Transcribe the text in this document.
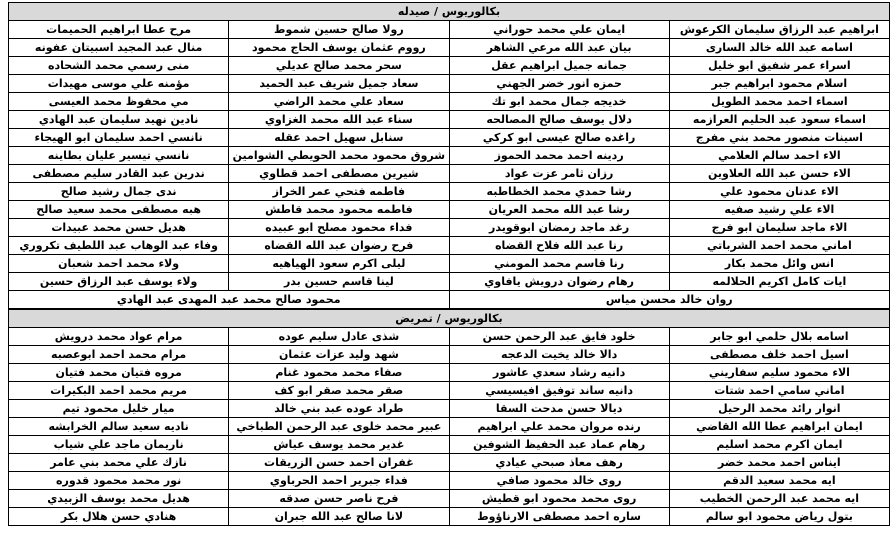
بكالوريوس / صيدله
ابراهيم عبد الرزاق سليمان الكرعوش	ايمان علي محمد حوراني	رولا صالح حسين شموط	مرح عطا ابراهيم الحميمات
اسامه عبد الله خالد السارى	بيان عبد الله مرعي الشاهر	رووم عثمان يوسف الحاج محمود	منال عبد المجيد اسبيتان عفونه
اسراء عمر شفيق ابو خليل	جمانه جميل ابراهيم عقل	سحر محمد صالح عديلي	منى رسمي محمد الشحاده
اسلام محمود ابراهيم جبر	حمزه انور خضر الجهني	سعاد جميل شريف عبد الحميد	مؤمنه علي موسى مهيدات
اسماء احمد محمد الطويل	خديجه جمال محمد ابو تك	سعاد علي محمد الراضي	مي محفوظ محمد العيسى
اسماء سعود عبد الحليم العرازمه	دلال يوسف صالح المصالحه	سناء عبد الله محمد الغزاوي	نادين نهيد سليمان عبد الهادي
اسينات منصور محمد بني مفرج	راغده صالح عيسى ابو كركي	سنابل سهيل احمد عقله	نانسي احمد سليمان ابو الهيجاء
الاء احمد سالم العلامي	ردينه احمد محمد الحموز	شروق محمود محمد الحويطي الشوامين	نانسي تيسير عليان بطاينه
الاء حسن عبد الله العلاوين	رزان ثامر عزت عواد	شيرين مصطفى احمد قطاوي	ندرين عبد القادر سليم مصطفى
الاء عدنان محمود علي	رشا حمدي محمد الخطاطبه	فاطمه فتحي عمر الخراز	ندى جمال رشيد صالح
الاء علي رشيد صفيه	رشا عبد الله محمد العريان	فاطمه محمود محمد قاطش	هبه مصطفى محمد سعيد صالح
الاء ماجد سليمان ابو فرج	رغد ماجد رمضان ابوقويدر	فداء محمود مصلح ابو عبيده	هديل حسن محمد عبيدات
اماني محمد احمد الشرباتي	رنا عبد الله فلاح القضاه	فرح رضوان عبد الله القضاه	وفاء عبد الوهاب عبد اللطيف تكروري
انس وائل محمد بكار	رنا قاسم محمد المومني	ليلى اكرم سعود الهياهيه	ولاء محمد احمد شعبان
ايات كامل اكريم الحلالمه	رهام رضوان درويش يافاوي	لينا قاسم حسين بدر	ولاء يوسف عبد الرزاق حسين
روان خالد محسن مياس		محمود صالح محمد عبد المهدى عبد الهادي	
بكالوريوس / تمريض
اسامه بلال حلمي ابو جابر	خلود فايق عبد الرحمن حسن	شذى عادل سليم عوده	مرام عواد محمد درويش
اسيل احمد خلف مصطفى	دالا خالد يخيت الدعجه	شهد وليد عزات عثمان	مرام محمد احمد ابوعصبه
الاء محمود سليم سفاريني	دانيه رشاد سعدي عاشور	صفاء محمد محمود غنام	مروه فتيان محمد فتيان
اماني سامي احمد شتات	دانيه ساند توفيق افيسيسي	صقر محمد صقر ابو كف	مريم محمد احمد البكيرات
انوار رائد محمد الرحيل	ديالا حسن مدحت السقا	طراد عوده عبد بني خالد	ميار خليل محمود تيم
ايمان ابراهيم عطا الله القاضي	رنده مروان محمد علي ابراهيم	عبير محمد خلوى عبد الرحمن الطباخي	ناديه سعيد سالم الخرابشه
ايمان اكرم محمد اسليم	رهام عماد عبد الحفيظ الشوفين	غدير محمد يوسف عياش	ناريمان ماجد علي شياب
ايناس احمد محمد خضر	رهف معاذ صبحي عيادي	غفران احمد حسن الزريقات	نازك علي محمد بني عامر
ايه محمد سعيد الدقم	روى خالد محمود صافي	فداء جبرير احمد الحرباوي	نور محمد محمود قدوره
ايه محمد عبد الرحمن الخطيب	روى محمد محمود ابو قطيش	فرح ناصر حسن صدقه	هديل محمد يوسف الزبيدي
بتول رياض محمود ابو سالم	ساره احمد مصطفى الارناؤوط	لانا صالح عبد الله جبران	هنادي حسن هلال بكر
